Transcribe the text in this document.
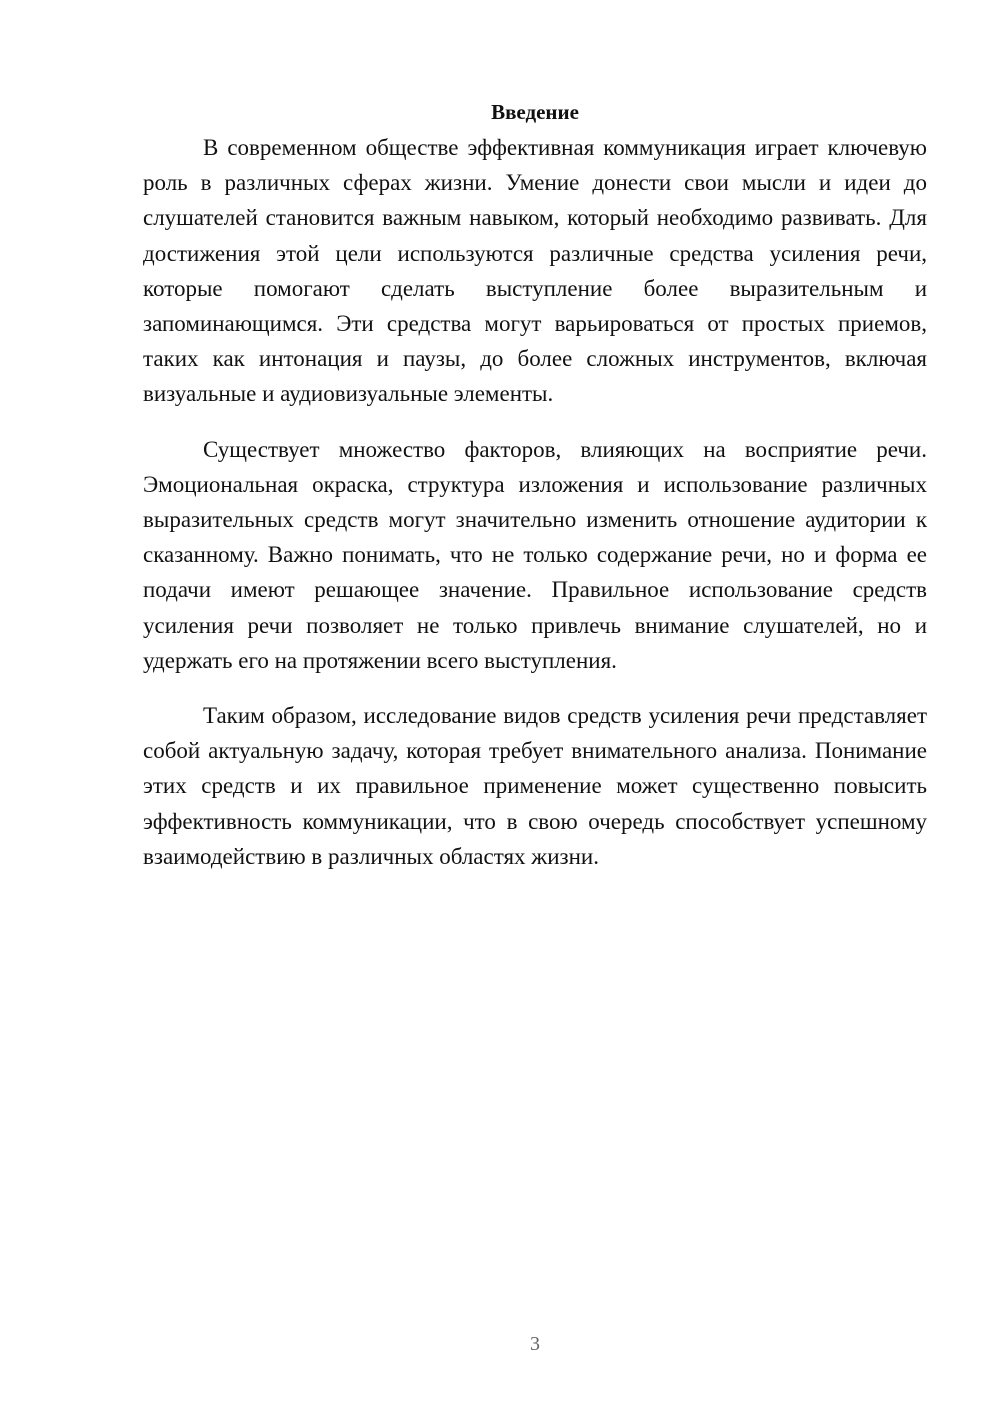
Введение

В современном обществе эффективная коммуникация играет ключевую роль в различных сферах жизни. Умение донести свои мысли и идеи до слушателей становится важным навыком, который необходимо развивать. Для достижения этой цели используются различные средства усиления речи, которые помогают сделать выступление более выразительным и запоминающимся. Эти средства могут варьироваться от простых приемов, таких как интонация и паузы, до более сложных инструментов, включая визуальные и аудиовизуальные элементы.

Существует множество факторов, влияющих на восприятие речи. Эмоциональная окраска, структура изложения и использование различных выразительных средств могут значительно изменить отношение аудитории к сказанному. Важно понимать, что не только содержание речи, но и форма ее подачи имеют решающее значение. Правильное использование средств усиления речи позволяет не только привлечь внимание слушателей, но и удержать его на протяжении всего выступления.

Таким образом, исследование видов средств усиления речи представляет собой актуальную задачу, которая требует внимательного анализа. Понимание этих средств и их правильное применение может существенно повысить эффективность коммуникации, что в свою очередь способствует успешному взаимодействию в различных областях жизни.

3
